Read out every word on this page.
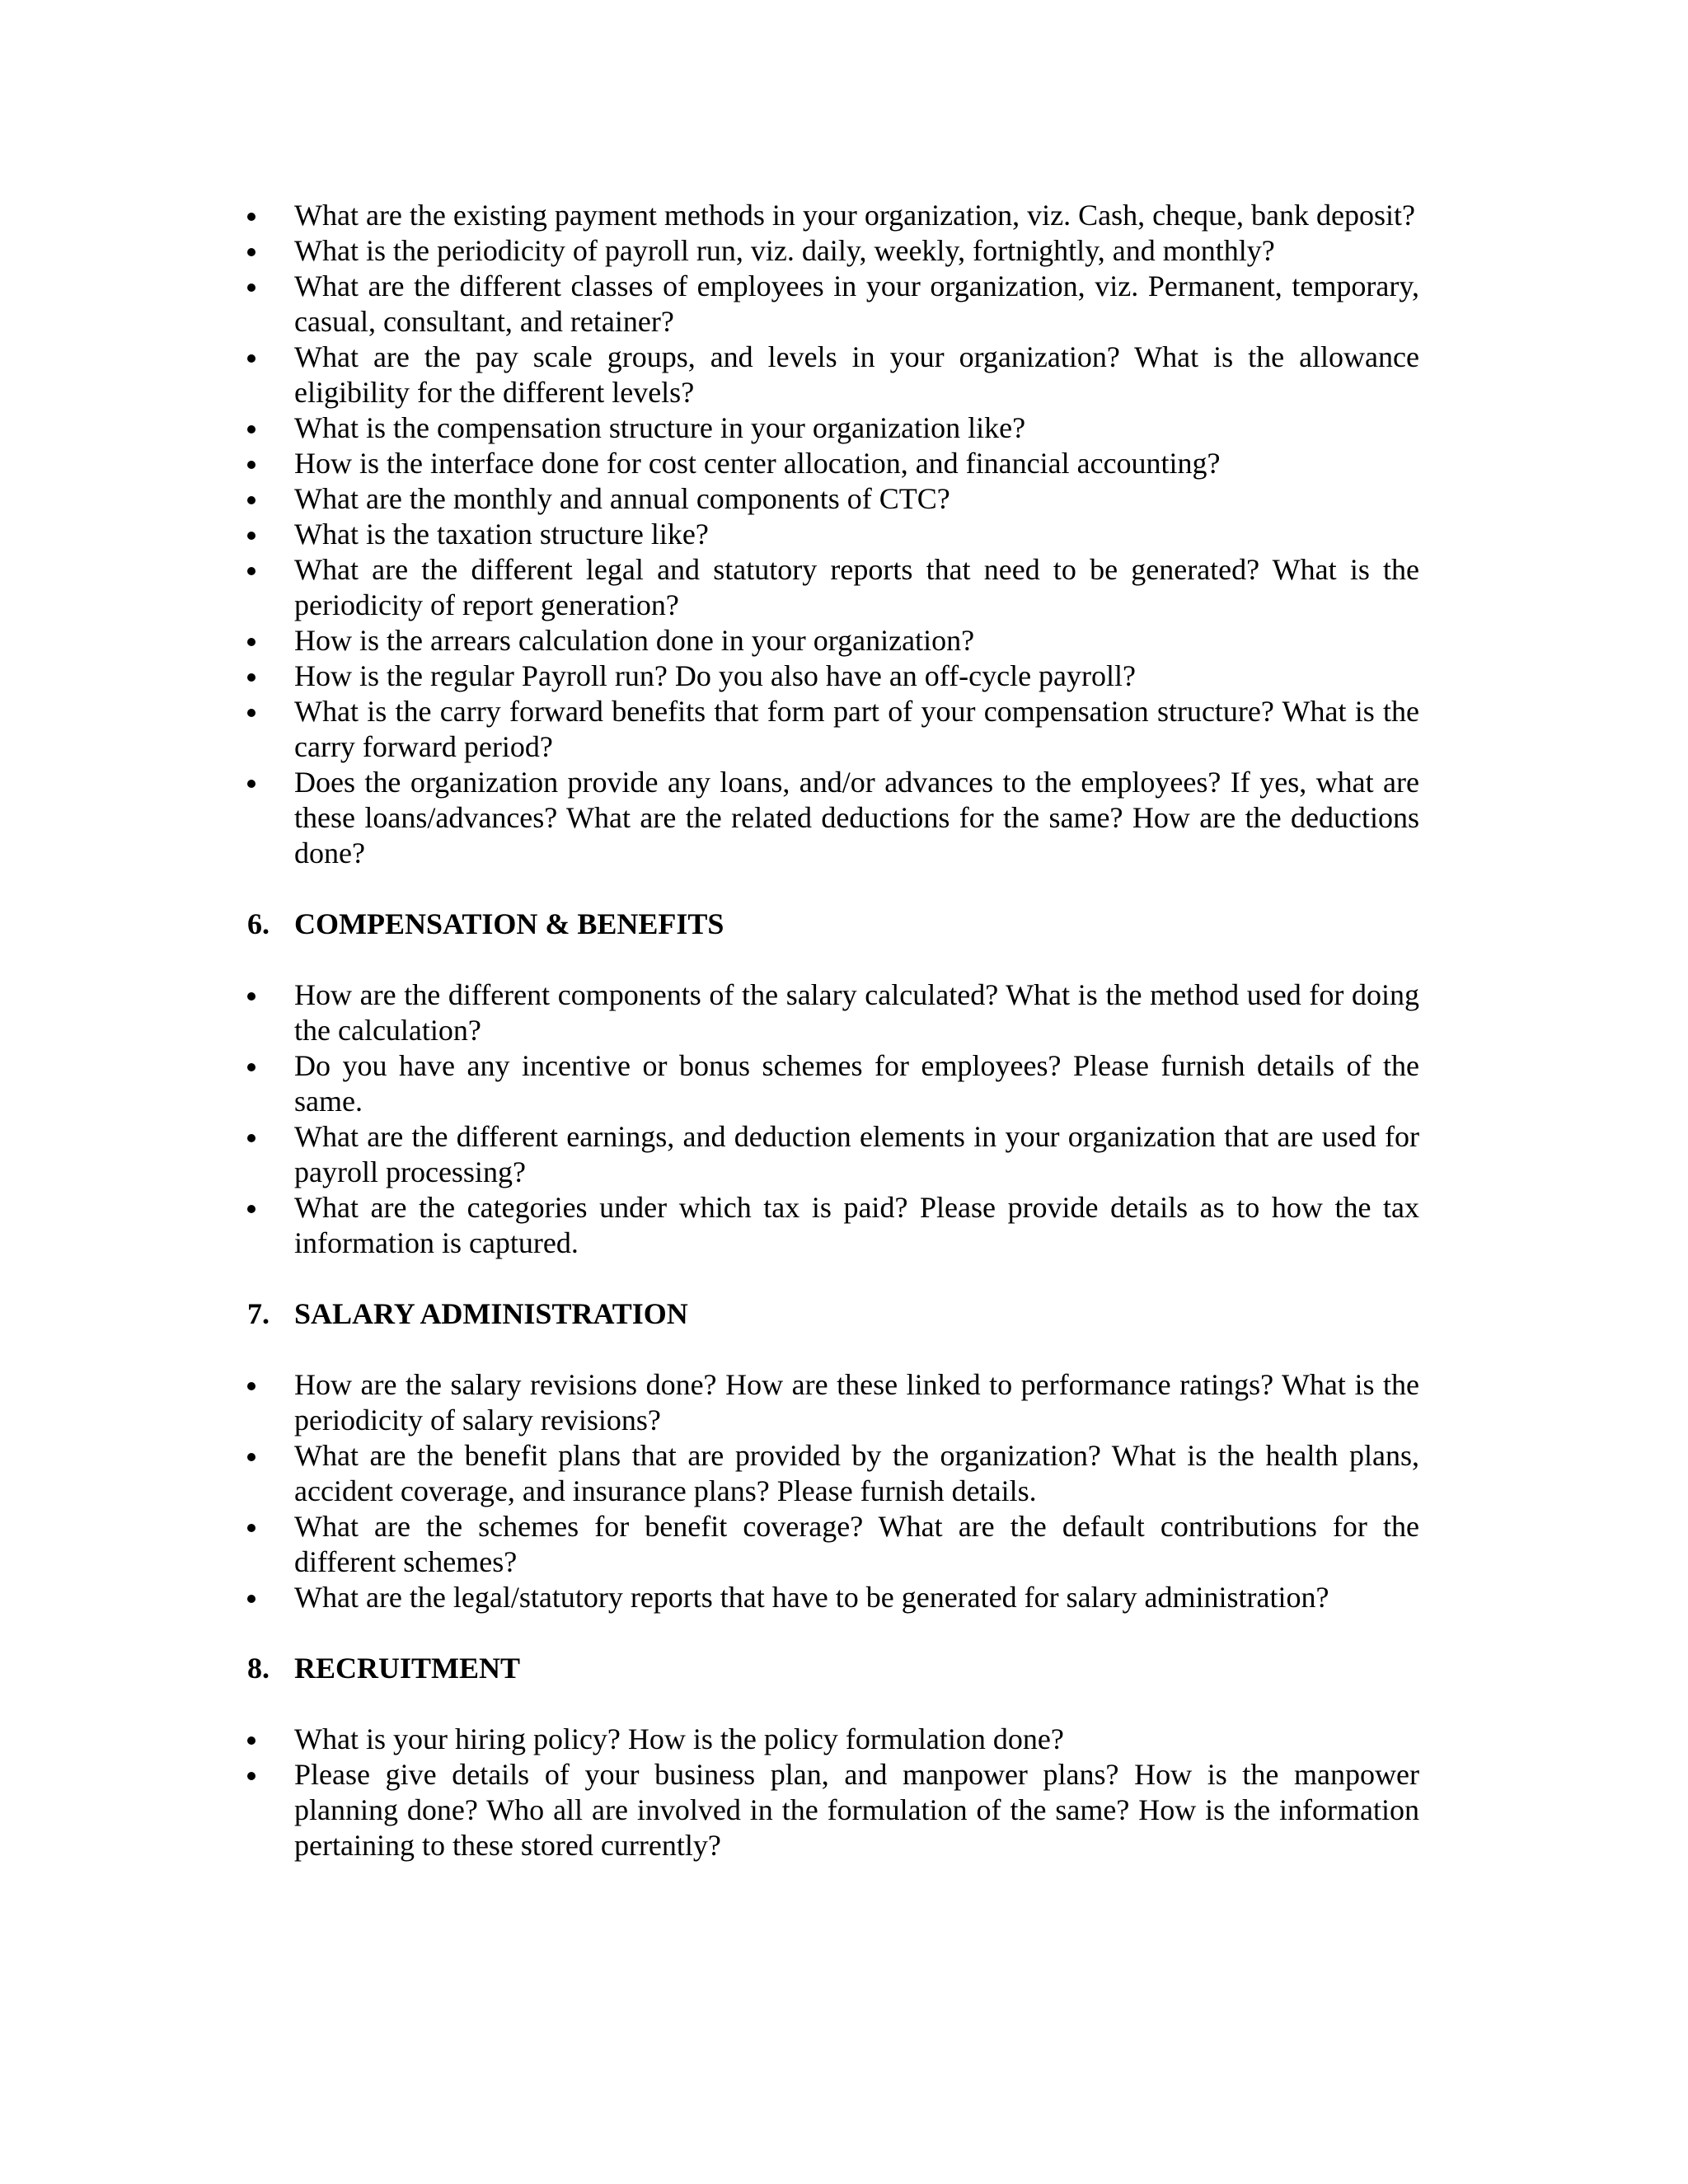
What are the existing payment methods in your organization, viz. Cash, cheque, bank deposit?
What is the periodicity of payroll run, viz. daily, weekly, fortnightly, and monthly?
What are the different classes of employees in your organization, viz. Permanent, temporary, casual, consultant, and retainer?
What are the pay scale groups, and levels in your organization? What is the allowance eligibility for the different levels?
What is the compensation structure in your organization like?
How is the interface done for cost center allocation, and financial accounting?
What are the monthly and annual components of CTC?
What is the taxation structure like?
What are the different legal and statutory reports that need to be generated? What is the periodicity of report generation?
How is the arrears calculation done in your organization?
How is the regular Payroll run? Do you also have an off-cycle payroll?
What is the carry forward benefits that form part of your compensation structure? What is the carry forward period?
Does the organization provide any loans, and/or advances to the employees? If yes, what are these loans/advances? What are the related deductions for the same? How are the deductions done?
6. COMPENSATION & BENEFITS
How are the different components of the salary calculated? What is the method used for doing the calculation?
Do you have any incentive or bonus schemes for employees? Please furnish details of the same.
What are the different earnings, and deduction elements in your organization that are used for payroll processing?
What are the categories under which tax is paid? Please provide details as to how the tax information is captured.
7. SALARY ADMINISTRATION
How are the salary revisions done? How are these linked to performance ratings? What is the periodicity of salary revisions?
What are the benefit plans that are provided by the organization? What is the health plans, accident coverage, and insurance plans? Please furnish details.
What are the schemes for benefit coverage? What are the default contributions for the different schemes?
What are the legal/statutory reports that have to be generated for salary administration?
8. RECRUITMENT
What is your hiring policy? How is the policy formulation done?
Please give details of your business plan, and manpower plans? How is the manpower planning done? Who all are involved in the formulation of the same? How is the information pertaining to these stored currently?
